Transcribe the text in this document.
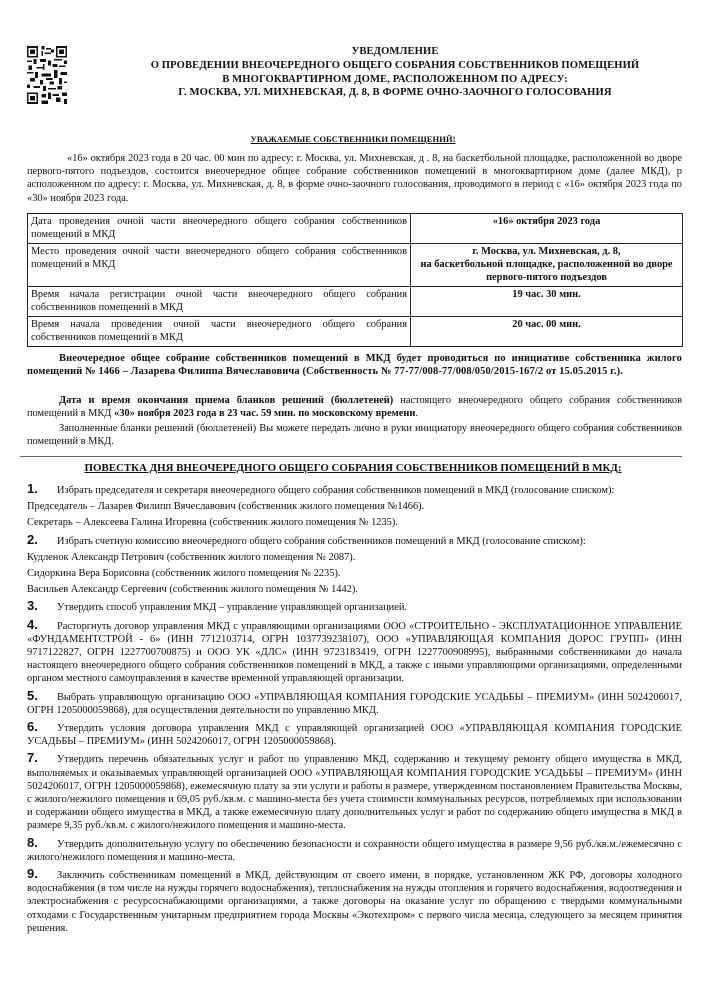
УВЕДОМЛЕНИЕ
О ПРОВЕДЕНИИ ВНЕОЧЕРЕДНОГО ОБЩЕГО СОБРАНИЯ СОБСТВЕННИКОВ ПОМЕЩЕНИЙ
В МНОГОКВАРТИРНОМ ДОМЕ, РАСПОЛОЖЕННОМ ПО АДРЕСУ:
Г. МОСКВА, УЛ. МИХНЕВСКАЯ, Д. 8, В ФОРМЕ ОЧНО-ЗАОЧНОГО ГОЛОСОВАНИЯ
УВАЖАЕМЫЕ СОБСТВЕННИКИ ПОМЕЩЕНИЙ!
«16» октября 2023 года в 20 час. 00 мин по адресу: г. Москва, ул. Михневская, д . 8, на баскетбольной площадке, расположенной во дворе первого-пятого подъездов, состоится внеочередное общее собрание собственников помещений в многоквартирном доме (далее МКД), р асположенном по адресу: г. Москва, ул. Михневская, д. 8, в форме очно-заочного голосования, проводимого в период с «16» октября 2023 года по «30» ноября 2023 года.
Дата проведения очной части внеочередного общего собрания собственников помещений в МКД	«16» октября 2023 года
Место проведения очной части внеочередного общего собрания собственников помещений в МКД	г. Москва, ул. Михневская, д. 8,
на баскетбольной площадке, расположенной во дворе первого-пятого подъездов

Время начала регистрации очной части внеочередного общего собрания собственников помещений в МКД	19 час. 30 мин.
Время начала проведения очной части внеочередного общего собрания собственников помещений в МКД	20 час. 00 мин.
Внеочередное общее собрание собственников помещений в МКД будет проводиться по инициативе собственника жилого помещений № 1466 – Лазарева Филиппа Вячеславовича (Собственность № 77-77/008-77/008/050/2015-167/2 от 15.05.2015 г.).
Дата и время окончания приема бланков решений (бюллетеней) настоящего внеочередного общего собрания собственников помещений в МКД «30» ноября 2023 года в 23 час. 59 мин. по московскому времени.
Заполненные бланки решений (бюллетеней) Вы можете передать лично в руки инициатору внеочередного общего собрания собственников помещений в МКД.
ПОВЕСТКА ДНЯ ВНЕОЧЕРЕДНОГО ОБЩЕГО СОБРАНИЯ СОБСТВЕННИКОВ ПОМЕЩЕНИЙ В МКД:
1. Избрать председателя и секретаря внеочередного общего собрания собственников помещений в МКД (голосование списком):
Председатель – Лазарев Филипп Вячеславович (собственник жилого помещения №1466).
Секретарь – Алексеева Галина Игоревна (собственник жилого помещения № 1235).
2. Избрать счетную комиссию внеочередного общего собрания собственников помещений в МКД (голосование списком):
Кудленок Александр Петрович (собственник жилого помещения № 2087).
Сидоркина Вера Борисовна (собственник жилого помещения № 2235).
Васильев Александр Сергеевич (собственник жилого помещения № 1442).
3. Утвердить способ управления МКД – управление управляющей организацией.
4. Расторгнуть договор управления МКД с управляющими организациями ООО «СТРОИТЕЛЬНО - ЭКСПЛУАТАЦИОННОЕ УПРАВЛЕНИЕ «ФУНДАМЕНТСТРОЙ - 6» (ИНН 7712103714, ОГРН 1037739238107), ООО «УПРАВЛЯЮЩАЯ КОМПАНИЯ ДОРОС ГРУПП» (ИНН 9717122827, ОГРН 1227700700875) и ООО УК «ДЛС» (ИНН 9723183419, ОГРН 1227700908995), выбранными собственниками до начала настоящего внеочередного общего собрания собственников помещений в МКД, а также с иными управляющими организациями, определенными органом местного самоуправления в качестве временной управляющей организации.
5. Выбрать управляющую организацию ООО «УПРАВЛЯЮЩАЯ КОМПАНИЯ ГОРОДСКИЕ УСАДЬБЫ – ПРЕМИУМ» (ИНН 5024206017, ОГРН 1205000059868), для осуществления деятельности по управлению МКД.
6. Утвердить условия договора управления МКД с управляющей организацией ООО «УПРАВЛЯЮЩАЯ КОМПАНИЯ ГОРОДСКИЕ УСАДЬБЫ – ПРЕМИУМ» (ИНН 5024206017, ОГРН 1205000059868).
7. Утвердить перечень обязательных услуг и работ по управлению МКД, содержанию и текущему ремонту общего имущества в МКД, выполняемых и оказываемых управляющей организацией ООО «УПРАВЛЯЮЩАЯ КОМПАНИЯ ГОРОДСКИЕ УСАДЬБЫ – ПРЕМИУМ» (ИНН 5024206017, ОГРН 1205000059868), ежемесячную плату за эти услуги и работы в размере, утвержденном постановлением Правительства Москвы, с жилого/нежилого помещения и 69,05 руб./кв.м. с машино-места без учета стоимости коммунальных ресурсов, потребляемых при использовании и содержании общего имущества в МКД, а также ежемесячную плату дополнительных услуг и работ по содержанию общего имущества в МКД в размере 9,35 руб./кв.м. с жилого/нежилого помещения и машино-места.
8. Утвердить дополнительную услугу по обеспечению безопасности и сохранности общего имущества в размере 9,56 руб./кв.м./ежемесячно с жилого/нежилого помещения и машино-места.
9. Заключить собственникам помещений в МКД, действующим от своего имени, в порядке, установленном ЖК РФ, договоры холодного водоснабжения (в том числе на нужды горячего водоснабжения), теплоснабжения на нужды отопления и горячего водоснабжения, водоотведения и электроснабжения с ресурсоснабжающими организациями, а также договоры на оказание услуг по обращению с твердыми коммунальными отходами с Государственным унитарным предприятием города Москвы «Экотехпром» с первого числа месяца, следующего за месяцем принятия решения.
